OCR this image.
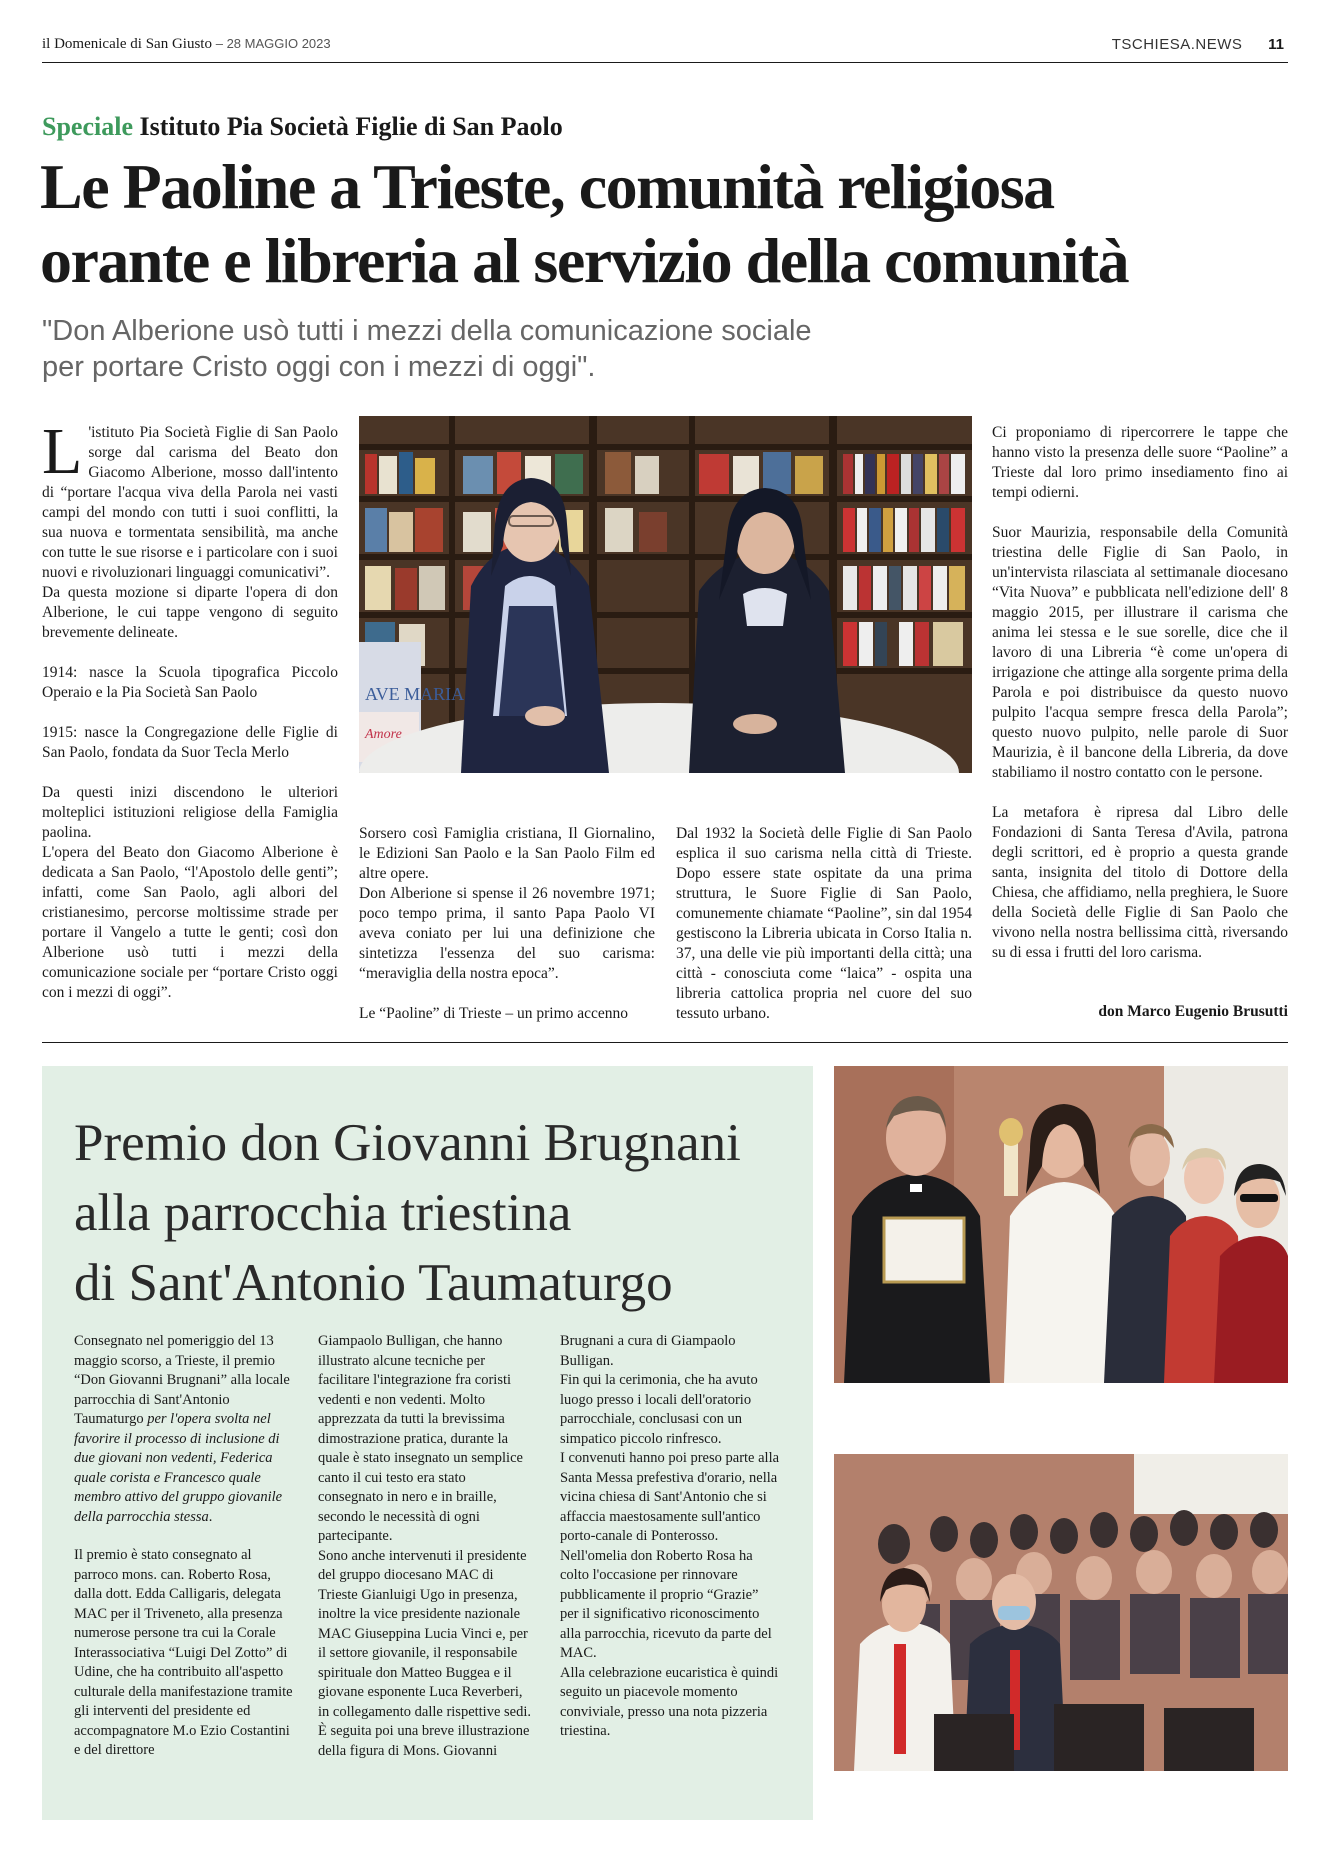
il Domenicale di San Giusto – 28 MAGGIO 2023	TSCHIESA.NEWS 11
Speciale Istituto Pia Società Figlie di San Paolo
Le Paoline a Trieste, comunità religiosa
orante e libreria al servizio della comunità
"Don Alberione usò tutti i mezzi della comunicazione sociale
per portare Cristo oggi con i mezzi di oggi".

L 'istituto Pia Società Figlie di San Paolo sorge dal carisma del Beato don Giacomo Alberione, mosso dall'intento di “portare l'acqua viva della Parola nei vasti campi del mondo con tutti i suoi conflitti, la sua nuova e tormentata sensibilità, ma anche con tutte le sue risorse e i particolare con i suoi nuovi e rivoluzionari linguaggi comunicativi”.
Da questa mozione si diparte l'opera di don Alberione, le cui tappe vengono di seguito brevemente delineate.

1914: nasce la Scuola tipografica Piccolo Operaio e la Pia Società San Paolo

1915: nasce la Congregazione delle Figlie di San Paolo, fondata da Suor Tecla Merlo

Da questi inizi discendono le ulteriori molteplici istituzioni religiose della Famiglia paolina.

L'opera del Beato don Giacomo Alberione è dedicata a San Paolo, “l'Apostolo delle genti”; infatti, come San Paolo, agli albori del cristianesimo, percorse moltissime strade per portare il Vangelo a tutte le genti; così don Alberione usò tutti i mezzi della comunicazione sociale per “portare Cristo oggi con i mezzi di oggi”.

AVE MARIA
Amore

Sorsero così Famiglia cristiana, Il Giornalino, le Edizioni San Paolo e la San Paolo Film ed altre opere.

Don Alberione si spense il 26 novembre 1971; poco tempo prima, il santo Papa Paolo VI aveva coniato per lui una definizione che sintetizza l'essenza del suo carisma: “meraviglia della nostra epoca”.

Le “Paoline” di Trieste – un primo accenno

Dal 1932 la Società delle Figlie di San Paolo esplica il suo carisma nella città di Trieste. Dopo essere state ospitate da una prima struttura, le Suore Figlie di San Paolo, comunemente chiamate “Paoline”, sin dal 1954 gestiscono la Libreria ubicata in Corso Italia n. 37, una delle vie più importanti della città; una città - conosciuta come “laica” - ospita una libreria cattolica propria nel cuore del suo tessuto urbano.

Ci proponiamo di ripercorrere le tappe che hanno visto la presenza delle suore “Paoline” a Trieste dal loro primo insediamento fino ai tempi odierni.

Suor Maurizia, responsabile della Comunità triestina delle Figlie di San Paolo, in un'intervista rilasciata al settimanale diocesano “Vita Nuova” e pubblicata nell'edizione dell' 8 maggio 2015, per illustrare il carisma che anima lei stessa e le sue sorelle, dice che il lavoro di una Libreria “è come un'opera di irrigazione che attinge alla sorgente prima della Parola e poi distribuisce da questo nuovo pulpito l'acqua sempre fresca della Parola”; questo nuovo pulpito, nelle parole di Suor Maurizia, è il bancone della Libreria, da dove stabiliamo il nostro contatto con le persone.

La metafora è ripresa dal Libro delle Fondazioni di Santa Teresa d'Avila, patrona degli scrittori, ed è proprio a questa grande santa, insignita del titolo di Dottore della Chiesa, che affidiamo, nella preghiera, le Suore della Società delle Figlie di San Paolo che vivono nella nostra bellissima città, riversando su di essa i frutti del loro carisma.

don Marco Eugenio Brusutti
Premio don Giovanni Brugnani
alla parrocchia triestina
di Sant'Antonio Taumaturgo

Consegnato nel pomeriggio del 13 maggio scorso, a Trieste, il premio “Don Giovanni Brugnani” alla locale parrocchia di Sant'Antonio Taumaturgo per l'opera svolta nel favorire il processo di inclusione di due giovani non vedenti, Federica quale corista e Francesco quale membro attivo del gruppo giovanile della parrocchia stessa.

Il premio è stato consegnato al parroco mons. can. Roberto Rosa, dalla dott. Edda Calligaris, delegata MAC per il Triveneto, alla presenza numerose persone tra cui la Corale Interassociativa “Luigi Del Zotto” di Udine, che ha contribuito all'aspetto culturale della manifestazione tramite gli interventi del presidente ed accompagnatore M.o Ezio Costantini e del direttore

Giampaolo Bulligan, che hanno illustrato alcune tecniche per facilitare l'integrazione fra coristi vedenti e non vedenti. Molto apprezzata da tutti la brevissima dimostrazione pratica, durante la quale è stato insegnato un semplice canto il cui testo era stato consegnato in nero e in braille, secondo le necessità di ogni partecipante.

Sono anche intervenuti il presidente del gruppo diocesano MAC di Trieste Gianluigi Ugo in presenza, inoltre la vice presidente nazionale MAC Giuseppina Lucia Vinci e, per il settore giovanile, il responsabile spirituale don Matteo Buggea e il giovane esponente Luca Reverberi, in collegamento dalle rispettive sedi.

È seguita poi una breve illustrazione della figura di Mons. Giovanni

Brugnani a cura di Giampaolo Bulligan.

Fin qui la cerimonia, che ha avuto luogo presso i locali dell'oratorio parrocchiale, conclusasi con un simpatico piccolo rinfresco.

I convenuti hanno poi preso parte alla Santa Messa prefestiva d'orario, nella vicina chiesa di Sant'Antonio che si affaccia maestosamente sull'antico porto-canale di Ponterosso.

Nell'omelia don Roberto Rosa ha colto l'occasione per rinnovare pubblicamente il proprio “Grazie” per il significativo riconoscimento alla parrocchia, ricevuto da parte del MAC.

Alla celebrazione eucaristica è quindi seguito un piacevole momento conviviale, presso una nota pizzeria triestina.
